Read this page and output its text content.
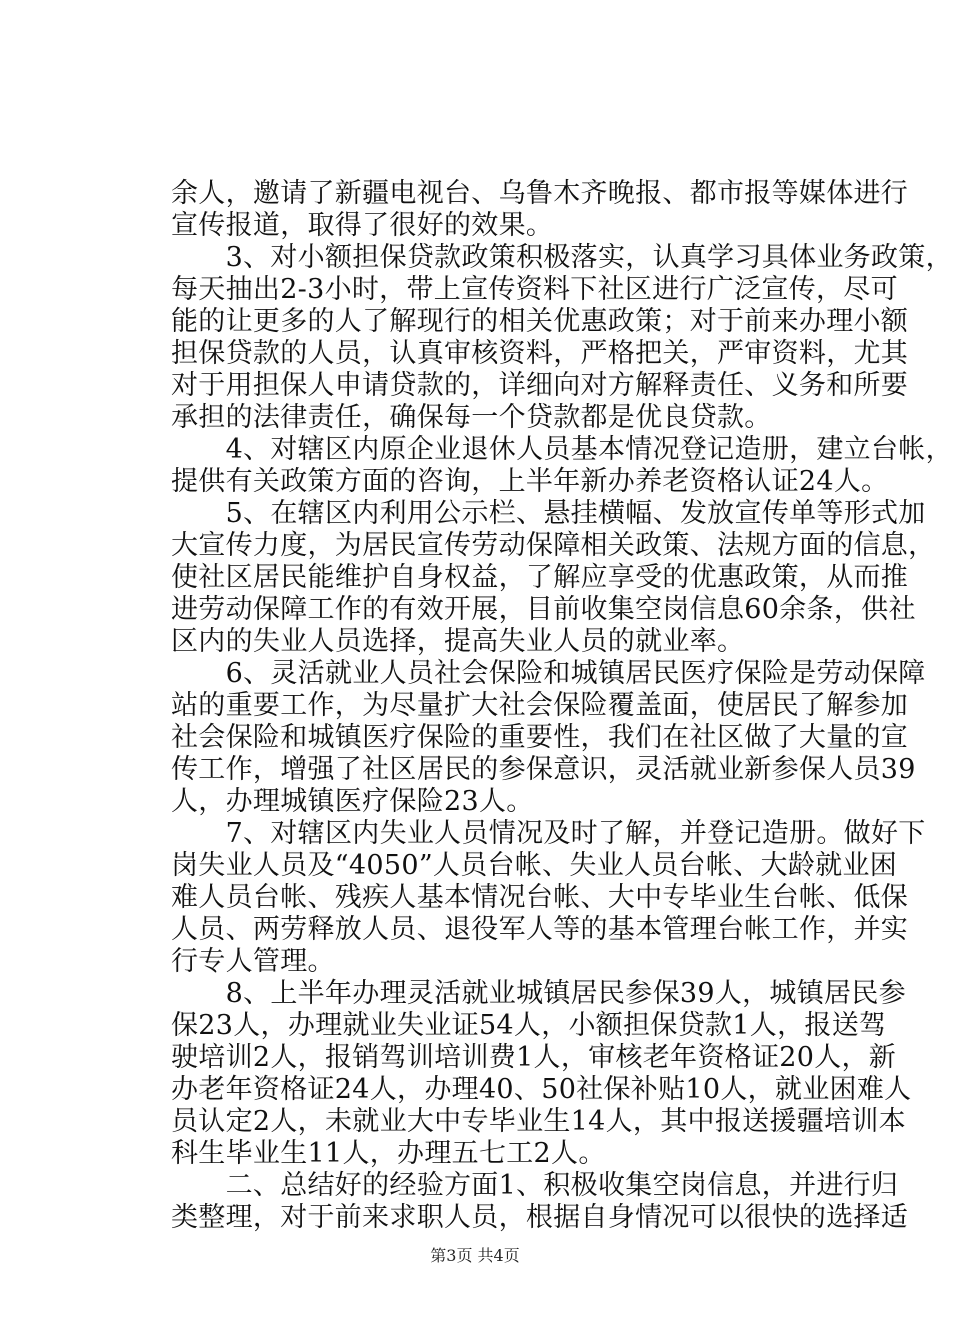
余人，邀请了新疆电视台、乌鲁木齐晚报、都市报等媒体进行
宣传报道，取得了很好的效果。
　　3、对小额担保贷款政策积极落实，认真学习具体业务政策，
每天抽出2-3小时，带上宣传资料下社区进行广泛宣传，尽可
能的让更多的人了解现行的相关优惠政策；对于前来办理小额
担保贷款的人员，认真审核资料，严格把关，严审资料，尤其
对于用担保人申请贷款的，详细向对方解释责任、义务和所要
承担的法律责任，确保每一个贷款都是优良贷款。
　　4、对辖区内原企业退休人员基本情况登记造册，建立台帐，
提供有关政策方面的咨询，上半年新办养老资格认证24人。
　　5、在辖区内利用公示栏、悬挂横幅、发放宣传单等形式加
大宣传力度，为居民宣传劳动保障相关政策、法规方面的信息，
使社区居民能维护自身权益，了解应享受的优惠政策，从而推
进劳动保障工作的有效开展，目前收集空岗信息60余条，供社
区内的失业人员选择，提高失业人员的就业率。
　　6、灵活就业人员社会保险和城镇居民医疗保险是劳动保障
站的重要工作，为尽量扩大社会保险覆盖面，使居民了解参加
社会保险和城镇医疗保险的重要性，我们在社区做了大量的宣
传工作，增强了社区居民的参保意识，灵活就业新参保人员39
人，办理城镇医疗保险23人。
　　7、对辖区内失业人员情况及时了解，并登记造册。做好下
岗失业人员及“4050”人员台帐、失业人员台帐、大龄就业困
难人员台帐、残疾人基本情况台帐、大中专毕业生台帐、低保
人员、两劳释放人员、退役军人等的基本管理台帐工作，并实
行专人管理。
　　8、上半年办理灵活就业城镇居民参保39人，城镇居民参
保23人，办理就业失业证54人，小额担保贷款1人，报送驾
驶培训2人，报销驾训培训费1人，审核老年资格证20人，新
办老年资格证24人，办理40、50社保补贴10人，就业困难人
员认定2人，未就业大中专毕业生14人，其中报送援疆培训本
科生毕业生11人，办理五七工2人。
　　二、总结好的经验方面1、积极收集空岗信息，并进行归
类整理，对于前来求职人员，根据自身情况可以很快的选择适
第3页 共4页
